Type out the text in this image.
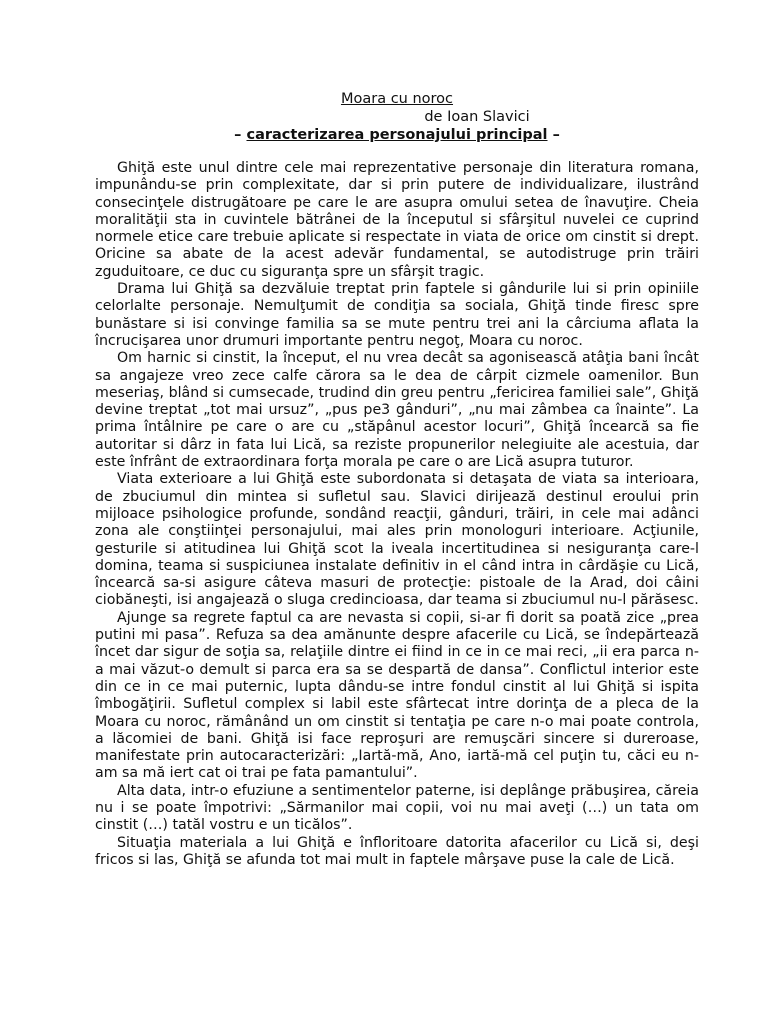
Moara cu noroc
de Ioan Slavici
– caracterizarea personajului principal –

Ghiţă este unul dintre cele mai reprezentative personaje din literatura romana, impunându-se prin complexitate, dar si prin putere de individualizare, ilustrând consecinţele distrugătoare pe care le are asupra omului setea de înavuţire. Cheia moralităţii sta in cuvintele bătrânei de la începutul si sfârşitul nuvelei ce cuprind normele etice care trebuie aplicate si respectate in viata de orice om cinstit si drept. Oricine sa abate de la acest adevăr fundamental, se autodistruge prin trăiri zguduitoare, ce duc cu siguranţa spre un sfârşit tragic.

Drama lui Ghiţă sa dezvăluie treptat prin faptele si gândurile lui si prin opiniile celorlalte personaje. Nemulţumit de condiţia sa sociala, Ghiţă tinde firesc spre bunăstare si isi convinge familia sa se mute pentru trei ani la cârciuma aflata la încrucişarea unor drumuri importante pentru negoţ, Moara cu noroc.

Om harnic si cinstit, la început, el nu vrea decât sa agonisească atâţia bani încât sa angajeze vreo zece calfe cărora sa le dea de cârpit cizmele oamenilor. Bun meseriaş, blând si cumsecade, trudind din greu pentru „fericirea familiei sale”, Ghiţă devine treptat „tot mai ursuz”, „pus pe3 gânduri”, „nu mai zâmbea ca înainte”. La prima întâlnire pe care o are cu „stăpânul acestor locuri”, Ghiţă încearcă sa fie autoritar si dârz in fata lui Lică, sa reziste propunerilor nelegiuite ale acestuia, dar este înfrânt de extraordinara forţa morala pe care o are Lică asupra tuturor.

Viata exterioare a lui Ghiţă este subordonata si detaşata de viata sa interioara, de zbuciumul din mintea si sufletul sau. Slavici dirijează destinul eroului prin mijloace psihologice profunde, sondând reacţii, gânduri, trăiri, in cele mai adânci zona ale conştiinţei personajului, mai ales prin monologuri interioare. Acţiunile, gesturile si atitudinea lui Ghiţă scot la iveala incertitudinea si nesiguranţa care-l domina, teama si suspiciunea instalate definitiv in el când intra in cârdăşie cu Lică, încearcă sa-si asigure câteva masuri de protecţie: pistoale de la Arad, doi câini ciobăneşti, isi angajează o sluga credincioasa, dar teama si zbuciumul nu-l părăsesc.

Ajunge sa regrete faptul ca are nevasta si copii, si-ar fi dorit sa poată zice „prea putini mi pasa”. Refuza sa dea amănunte despre afacerile cu Lică, se îndepărtează încet dar sigur de soţia sa, relaţiile dintre ei fiind in ce in ce mai reci, „ii era parca n-a mai văzut-o demult si parca era sa se despartă de dansa”. Conflictul interior este din ce in ce mai puternic, lupta dându-se intre fondul cinstit al lui Ghiţă si ispita îmbogăţirii. Sufletul complex si labil este sfârtecat intre dorinţa de a pleca de la Moara cu noroc, rămânând un om cinstit si tentaţia pe care n-o mai poate controla, a lăcomiei de bani. Ghiţă isi face reproşuri are remuşcări sincere si dureroase, manifestate prin autocaracterizări: „Iartă-mă, Ano, iartă-mă cel puţin tu, căci eu n-am sa mă iert cat oi trai pe fata pamantului”.

Alta data, intr-o efuziune a sentimentelor paterne, isi deplânge prăbuşirea, căreia nu i se poate împotrivi: „Sărmanilor mai copii, voi nu mai aveţi (…) un tata om cinstit (…) tatăl vostru e un ticălos”.

Situaţia materiala a lui Ghiţă e înfloritoare datorita afacerilor cu Lică si, deşi fricos si las, Ghiţă se afunda tot mai mult in faptele mârşave puse la cale de Lică.
